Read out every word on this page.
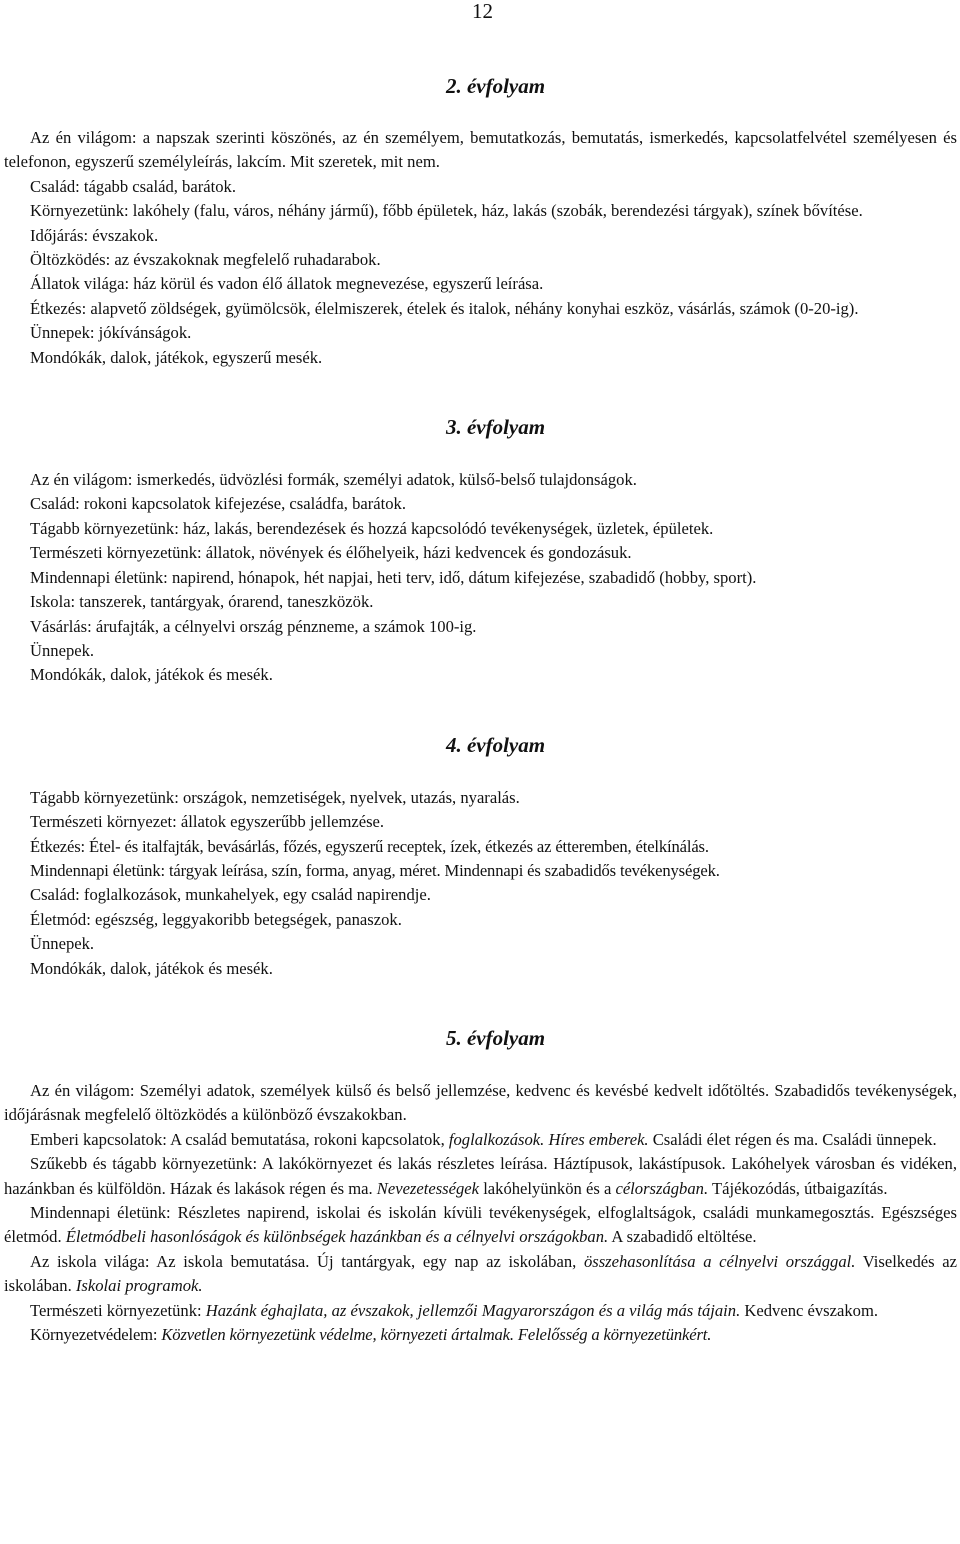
12
2. évfolyam

Az én világom: a napszak szerinti köszönés, az én személyem, bemutatkozás, bemutatás, ismerkedés, kapcsolatfelvétel személyesen és telefonon, egyszerű személyleírás, lakcím. Mit szeretek, mit nem.

Család: tágabb család, barátok.

Környezetünk: lakóhely (falu, város, néhány jármű), főbb épületek, ház, lakás (szobák, berendezési tárgyak), színek bővítése.

Időjárás: évszakok.

Öltözködés: az évszakoknak megfelelő ruhadarabok.

Állatok világa: ház körül és vadon élő állatok megnevezése, egyszerű leírása.

Étkezés: alapvető zöldségek, gyümölcsök, élelmiszerek, ételek és italok, néhány konyhai eszköz, vásárlás, számok (0-20-ig).

Ünnepek: jókívánságok.

Mondókák, dalok, játékok, egyszerű mesék.

3. évfolyam

Az én világom: ismerkedés, üdvözlési formák, személyi adatok, külső-belső tulajdonságok.

Család: rokoni kapcsolatok kifejezése, családfa, barátok.

Tágabb környezetünk: ház, lakás, berendezések és hozzá kapcsolódó tevékenységek, üzletek, épületek.

Természeti környezetünk: állatok, növények és élőhelyeik, házi kedvencek és gondozásuk.

Mindennapi életünk: napirend, hónapok, hét napjai, heti terv, idő, dátum kifejezése, szabadidő (hobby, sport).

Iskola: tanszerek, tantárgyak, órarend, taneszközök.

Vásárlás: árufajták, a célnyelvi ország pénzneme, a számok 100-ig.

Ünnepek.

Mondókák, dalok, játékok és mesék.

4. évfolyam

Tágabb környezetünk: országok, nemzetiségek, nyelvek, utazás, nyaralás.

Természeti környezet: állatok egyszerűbb jellemzése.

Étkezés: Étel- és italfajták, bevásárlás, főzés, egyszerű receptek, ízek, étkezés az étteremben, ételkínálás.

Mindennapi életünk: tárgyak leírása, szín, forma, anyag, méret. Mindennapi és szabadidős tevékenységek.

Család: foglalkozások, munkahelyek, egy család napirendje.

Életmód: egészség, leggyakoribb betegségek, panaszok.

Ünnepek.

Mondókák, dalok, játékok és mesék.

5. évfolyam

Az én világom: Személyi adatok, személyek külső és belső jellemzése, kedvenc és kevésbé kedvelt időtöltés. Szabadidős tevékenységek, időjárásnak megfelelő öltözködés a különböző évszakokban.

Emberi kapcsolatok: A család bemutatása, rokoni kapcsolatok, foglalkozások. Híres emberek. Családi élet régen és ma. Családi ünnepek.

Szűkebb és tágabb környezetünk: A lakókörnyezet és lakás részletes leírása. Háztípusok, lakástípusok. Lakóhelyek városban és vidéken, hazánkban és külföldön. Házak és lakások régen és ma. Nevezetességek lakóhelyünkön és a célországban. Tájékozódás, útbaigazítás.

Mindennapi életünk: Részletes napirend, iskolai és iskolán kívüli tevékenységek, elfoglaltságok, családi munkamegosztás. Egészséges életmód. Életmódbeli hasonlóságok és különbségek hazánkban és a célnyelvi országokban. A szabadidő eltöltése.

Az iskola világa: Az iskola bemutatása. Új tantárgyak, egy nap az iskolában, összehasonlítása a célnyelvi országgal. Viselkedés az iskolában. Iskolai programok.

Természeti környezetünk: Hazánk éghajlata, az évszakok, jellemzői Magyarországon és a világ más tájain. Kedvenc évszakom.

Környezetvédelem: Közvetlen környezetünk védelme, környezeti ártalmak. Felelősség a környezetünkért.
